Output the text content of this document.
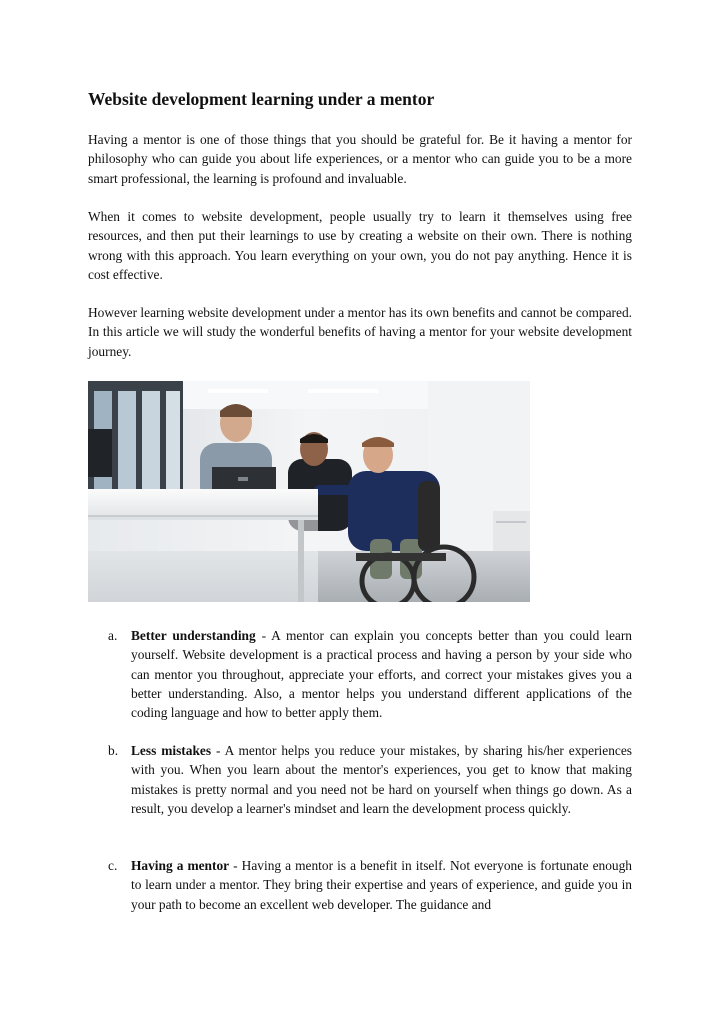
Website development learning under a mentor

Having a mentor is one of those things that you should be grateful for. Be it having a mentor for philosophy who can guide you about life experiences, or a mentor who can guide you to be a more smart professional, the learning is profound and invaluable.

When it comes to website development, people usually try to learn it themselves using free resources, and then put their learnings to use by creating a website on their own. There is nothing wrong with this approach. You learn everything on your own, you do not pay anything. Hence it is cost effective.

However learning website development under a mentor has its own benefits and cannot be compared. In this article we will study the wonderful benefits of having a mentor for your website development journey.

a.	Better understanding - A mentor can explain you concepts better than you could learn yourself. Website development is a practical process and having a person by your side who can mentor you throughout, appreciate your efforts, and correct your mistakes gives you a better understanding. Also, a mentor helps you understand different applications of the coding language and how to better apply them.
b. Less mistakes - A mentor helps you reduce your mistakes, by sharing his/her experiences with you. When you learn about the mentor's experiences, you get to know that making mistakes is pretty normal and you need not be hard on yourself when things go down. As a result, you develop a learner's mindset and learn the development process quickly.
c.	Having a mentor - Having a mentor is a benefit in itself. Not everyone is fortunate enough to learn under a mentor. They bring their expertise and years of experience, and guide you in your path to become an excellent web developer. The guidance and
